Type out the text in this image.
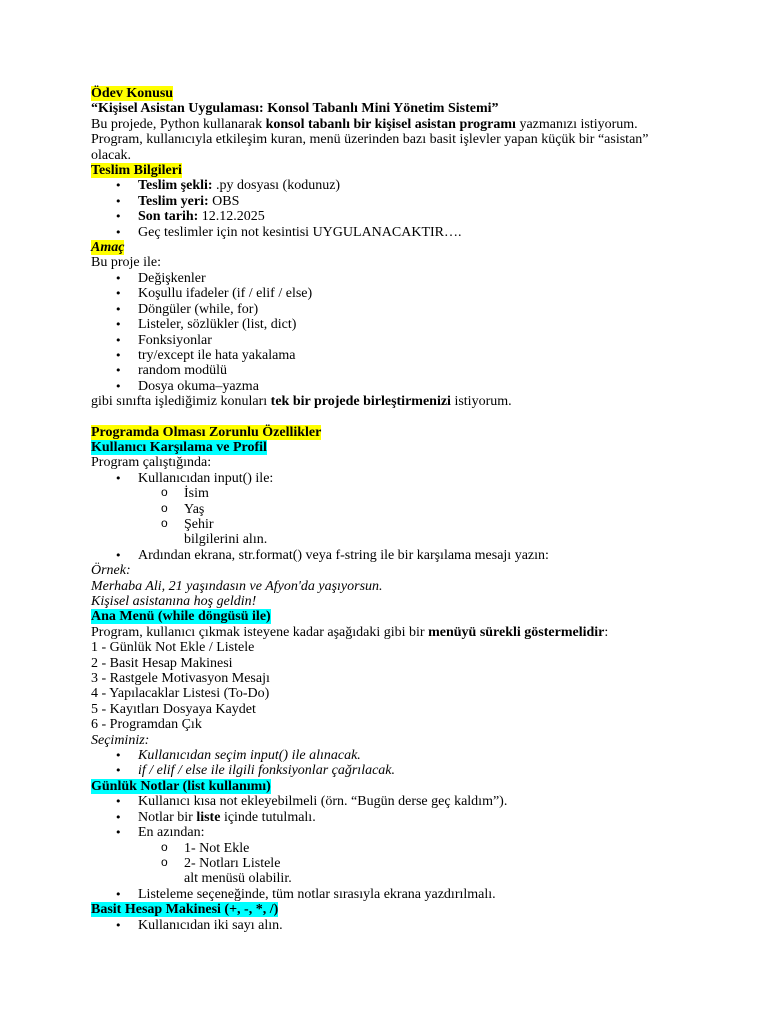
Ödev Konusu

“Kişisel Asistan Uygulaması: Konsol Tabanlı Mini Yönetim Sistemi”

Bu projede, Python kullanarak konsol tabanlı bir kişisel asistan programı yazmanızı istiyorum. Program, kullanıcıyla etkileşim kuran, menü üzerinden bazı basit işlevler yapan küçük bir “asistan” olacak.

Teslim Bilgileri

• Teslim şekli: .py dosyası (kodunuz)

• Teslim yeri: OBS

• Son tarih: 12.12.2025

• Geç teslimler için not kesintisi UYGULANACAKTIR….

Amaç

Bu proje ile:

• Değişkenler

• Koşullu ifadeler (if / elif / else)

• Döngüler (while, for)

• Listeler, sözlükler (list, dict)

• Fonksiyonlar

• try/except ile hata yakalama

• random modülü

• Dosya okuma–yazma

gibi sınıfta işlediğimiz konuları tek bir projede birleştirmenizi istiyorum.

Programda Olması Zorunlu Özellikler

Kullanıcı Karşılama ve Profil

Program çalıştığında:

• Kullanıcıdan input() ile:

o İsim

o Yaş

o Şehir

bilgilerini alın.

• Ardından ekrana, str.format() veya f-string ile bir karşılama mesajı yazın:

Örnek:

Merhaba Ali, 21 yaşındasın ve Afyon'da yaşıyorsun.

Kişisel asistanına hoş geldin!

Ana Menü (while döngüsü ile)

Program, kullanıcı çıkmak isteyene kadar aşağıdaki gibi bir menüyü sürekli göstermelidir:

1 - Günlük Not Ekle / Listele

2 - Basit Hesap Makinesi

3 - Rastgele Motivasyon Mesajı

4 - Yapılacaklar Listesi (To-Do)

5 - Kayıtları Dosyaya Kaydet

6 - Programdan Çık

Seçiminiz:

• Kullanıcıdan seçim input() ile alınacak.

• if / elif / else ile ilgili fonksiyonlar çağrılacak.

Günlük Notlar (list kullanımı)

• Kullanıcı kısa not ekleyebilmeli (örn. “Bugün derse geç kaldım”).

• Notlar bir liste içinde tutulmalı.

• En azından:

o 1- Not Ekle

o 2- Notları Listele

alt menüsü olabilir.

• Listeleme seçeneğinde, tüm notlar sırasıyla ekrana yazdırılmalı.

Basit Hesap Makinesi (+, -, *, /)

• Kullanıcıdan iki sayı alın.
